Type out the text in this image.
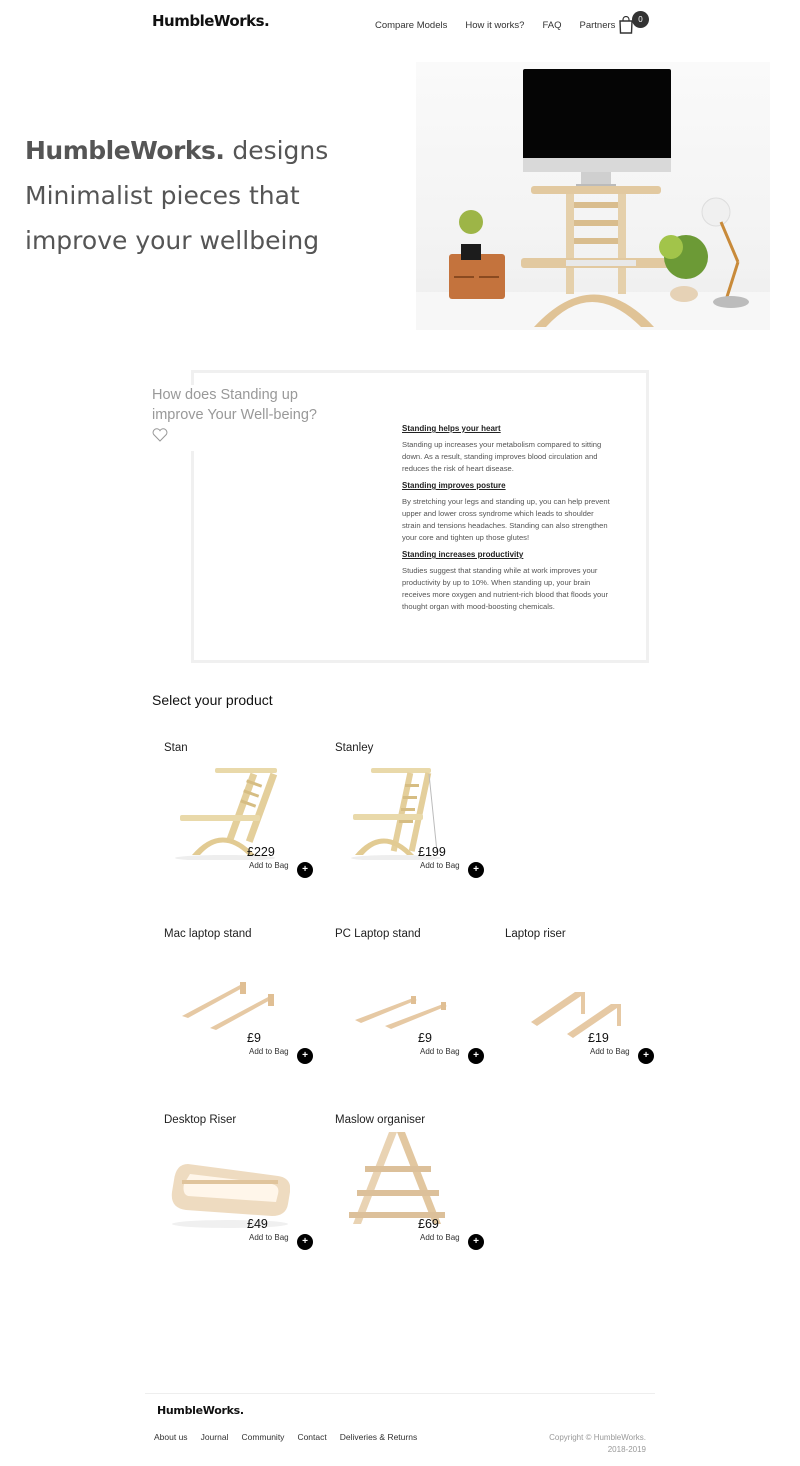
HumbleWorks.	Compare Models How it works? FAQ Partners
0
HumbleWorks. designs
Minimalist pieces that
improve your wellbeing
How does Standing up improve Your Well-being?
Standing helps your heart

Standing up increases your metabolism compared to sitting down. As a result, standing improves blood circulation and reduces the risk of heart disease.

Standing improves posture

By stretching your legs and standing up, you can help prevent upper and lower cross syndrome which leads to shoulder strain and tensions headaches. Standing can also strengthen your core and tighten up those glutes!

Standing increases productivity

Studies suggest that standing while at work improves your productivity by up to 10%. When standing up, your brain receives more oxygen and nutrient-rich blood that floods your thought organ with mood-boosting chemicals.

Select your product
Stan
£229
Add to Bag	+
Stanley
£199
Add to Bag	+
Mac laptop stand
£9
Add to Bag	+
PC Laptop stand
£9
Add to Bag	+
Laptop riser
£19
Add to Bag	+
Desktop Riser
£49
Add to Bag	+
Maslow organiser
£69
Add to Bag	+
HumbleWorks.
About us Journal Community Contact Deliveries & Returns	Copyright © HumbleWorks.
2018-2019
